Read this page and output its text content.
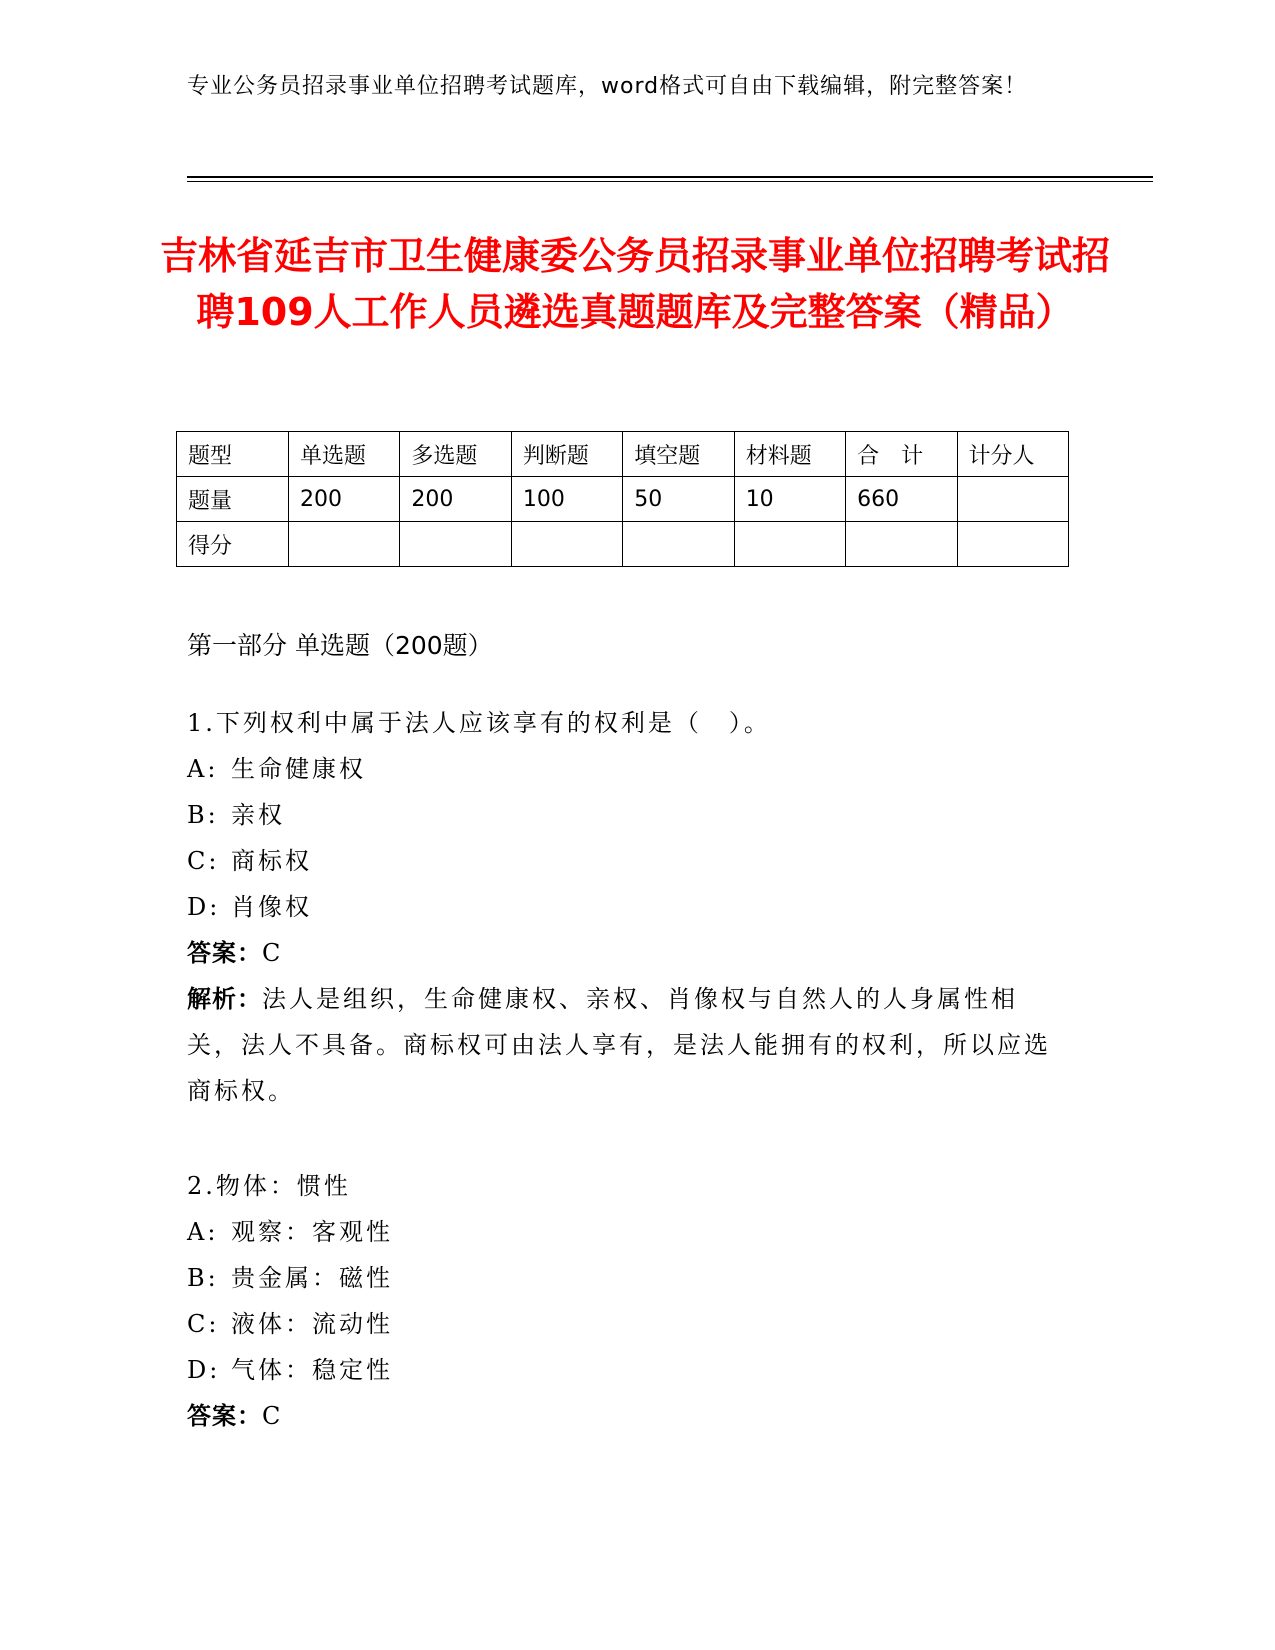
专业公务员招录事业单位招聘考试题库，word格式可自由下载编辑，附完整答案！
吉林省延吉市卫生健康委公务员招录事业单位招聘考试招聘109人工作人员遴选真题题库及完整答案（精品）
题型	单选题	多选题	判断题	填空题	材料题	合　计	计分人
题量	200	200	100	50	10	660	
得分							
第一部分 单选题（200题）
1.下列权利中属于法人应该享有的权利是（　）。
A: 生命健康权
B: 亲权
C: 商标权
D: 肖像权
答案：C
解析：法人是组织，生命健康权、亲权、肖像权与自然人的人身属性相关，法人不具备。商标权可由法人享有，是法人能拥有的权利，所以应选商标权。
2.物体：惯性
A: 观察：客观性
B: 贵金属：磁性
C: 液体：流动性
D: 气体：稳定性
答案：C
